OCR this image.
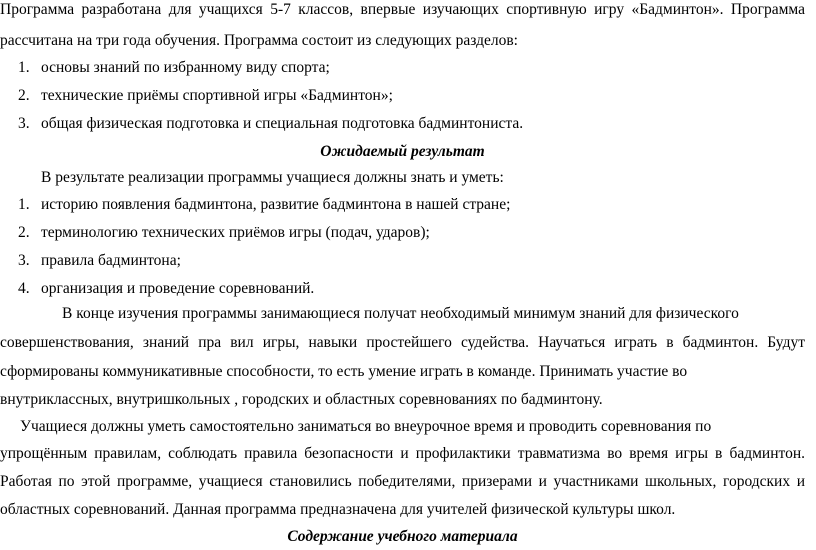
Программа разработана для учащихся 5-7 классов, впервые изучающих спортивную игру «Бадминтон». Программа
рассчитана на три года обучения. Программа состоит из следующих разделов:
1. основы знаний по избранному виду спорта;
2. технические приёмы спортивной игры «Бадминтон»;
3. общая физическая подготовка и специальная подготовка бадминтониста.
Ожидаемый результат
В результате реализации программы учащиеся должны знать и уметь:
1. историю появления бадминтона, развитие бадминтона в нашей стране;
2. терминологию технических приёмов игры (подач, ударов);
3. правила бадминтона;
4. организация и проведение соревнований.
В конце изучения программы занимающиеся получат необходимый минимум знаний для физического
совершенствования, знаний пра вил игры, навыки простейшего судейства. Научаться играть в бадминтон. Будут
сформированы коммуникативные способности, то есть умение играть в команде. Принимать участие во
внутриклассных, внутришкольных , городских и областных соревнованиях по бадминтону.
Учащиеся должны уметь самостоятельно заниматься во внеурочное время и проводить соревнования по
упрощённым правилам, соблюдать правила безопасности и профилактики травматизма во время игры в бадминтон.
Работая по этой программе, учащиеся становились победителями, призерами и участниками школьных, городских и
областных соревнований. Данная программа предназначена для учителей физической культуры школ.
Содержание учебного материала
